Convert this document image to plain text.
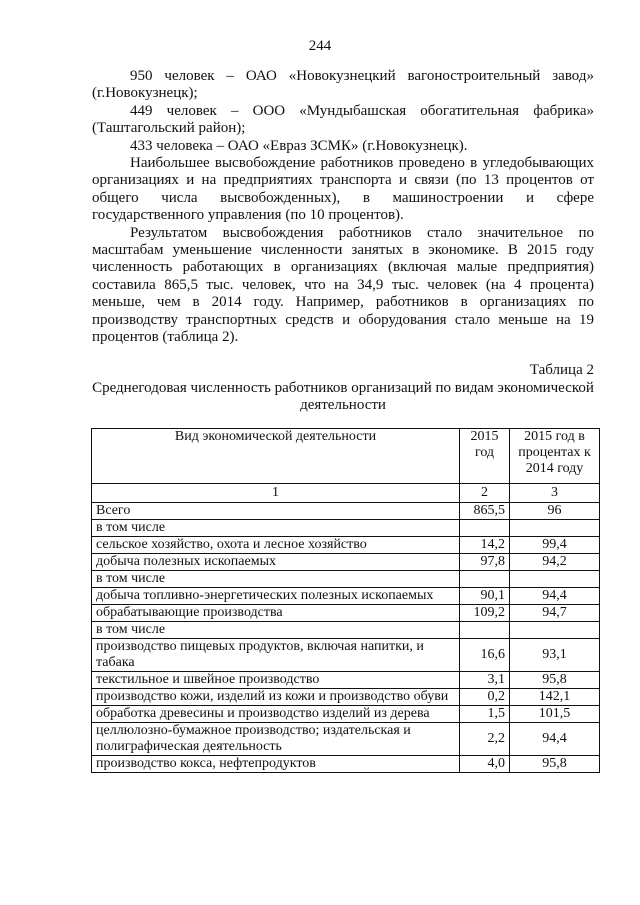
244

950 человек – ОАО «Новокузнецкий вагоностроительный завод» (г.Новокузнецк);

449 человек – ООО «Мундыбашская обогатительная фабрика» (Таштагольский район);

433 человека – ОАО «Евраз ЗСМК» (г.Новокузнецк).

Наибольшее высвобождение работников проведено в угледобывающих организациях и на предприятиях транспорта и связи (по 13 процентов от общего числа высвобожденных), в машиностроении и сфере государственного управления (по 10 процентов).

Результатом высвобождения работников стало значительное по масштабам уменьшение численности занятых в экономике. В 2015 году численность работающих в организациях (включая малые предприятия) составила 865,5 тыс. человек, что на 34,9 тыс. человек (на 4 процента) меньше, чем в 2014 году. Например, работников в организациях по производству транспортных средств и оборудования стало меньше на 19 процентов (таблица 2).

Таблица 2
Среднегодовая численность работников организаций по видам экономической деятельности
Вид экономической деятельности	2015 год	2015 год в процентах к 2014 году
1	2	3
Всего	865,5	96
в том числе		
сельское хозяйство, охота и лесное хозяйство	14,2	99,4
добыча полезных ископаемых	97,8	94,2
в том числе		
добыча топливно-энергетических полезных ископаемых	90,1	94,4
обрабатывающие производства	109,2	94,7
в том числе		
производство пищевых продуктов, включая напитки, и табака	16,6	93,1
текстильное и швейное производство	3,1	95,8
производство кожи, изделий из кожи и производство обуви	0,2	142,1
обработка древесины и производство изделий из дерева	1,5	101,5
целлюлозно-бумажное производство; издательская и полиграфическая деятельность	2,2	94,4
производство кокса, нефтепродуктов	4,0	95,8
